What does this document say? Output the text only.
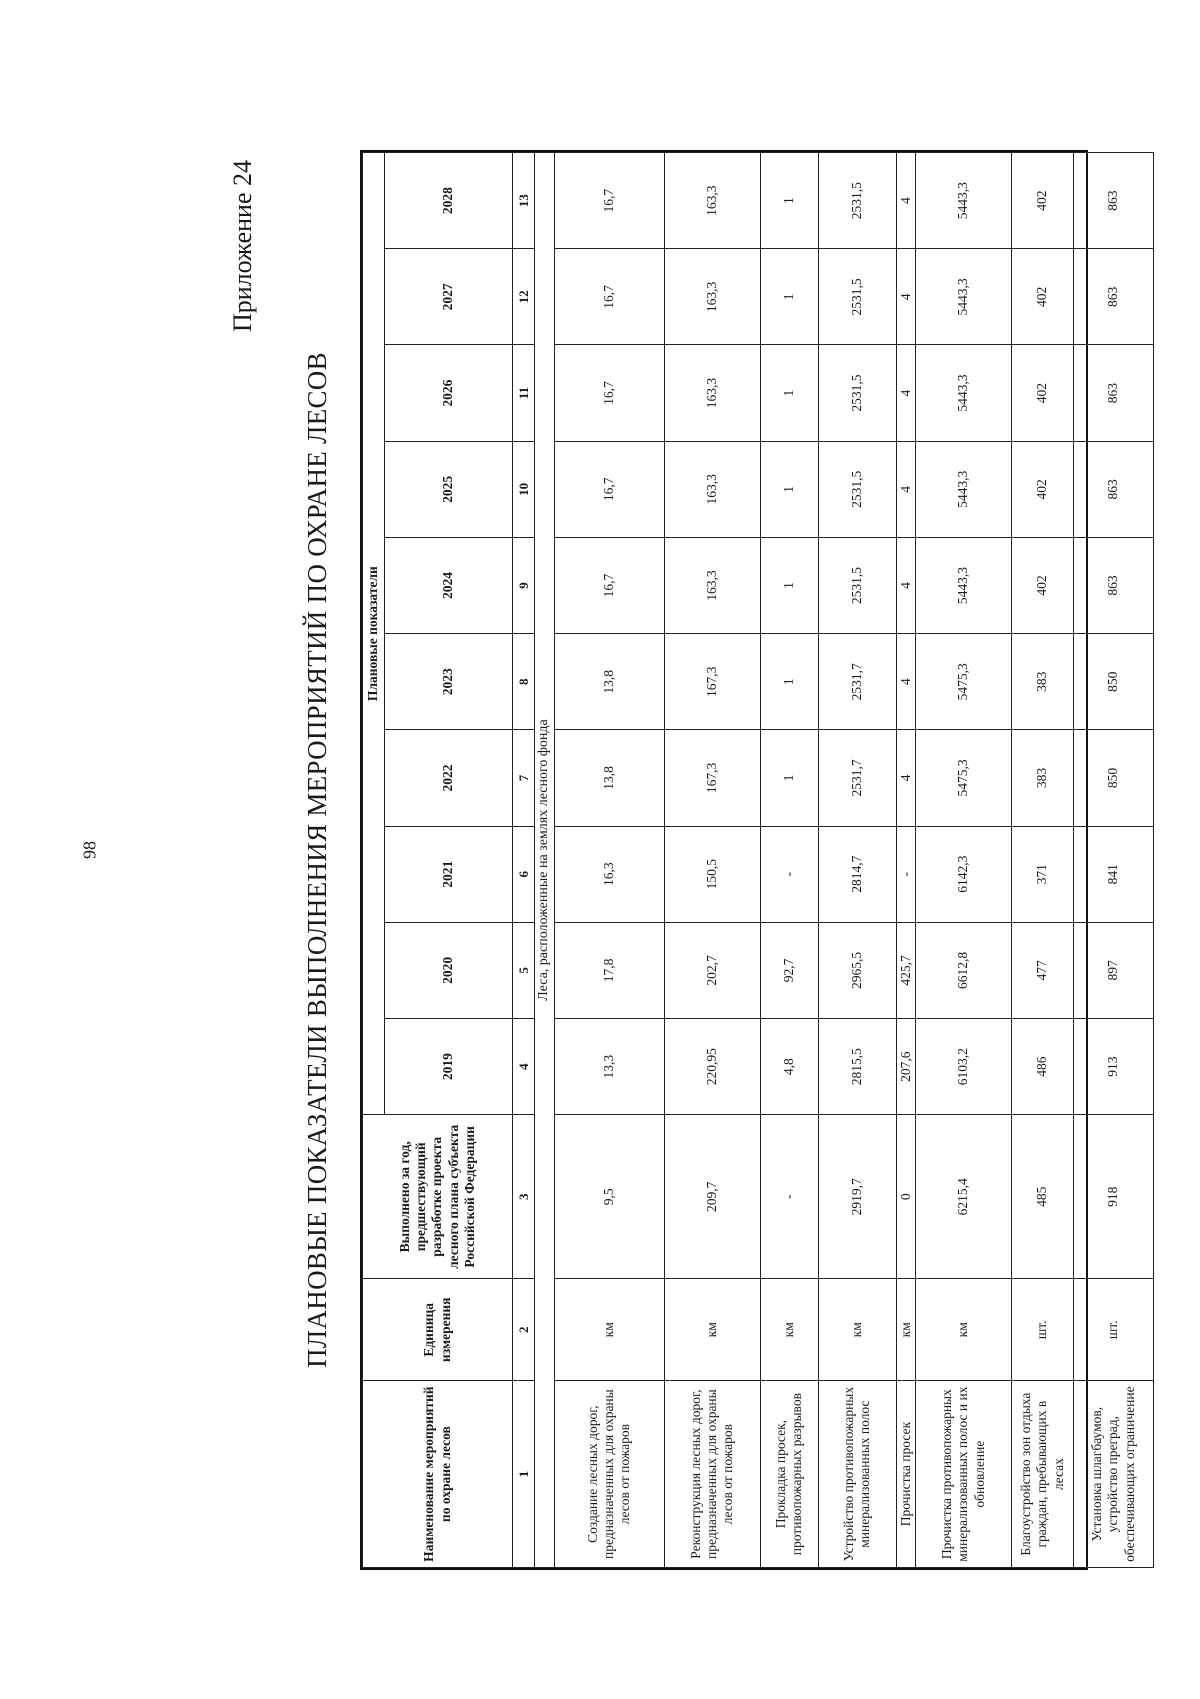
98
Приложение 24
ПЛАНОВЫЕ ПОКАЗАТЕЛИ ВЫПОЛНЕНИЯ МЕРОПРИЯТИЙ ПО ОХРАНЕ ЛЕСОВ
Наименование мероприятий по охране лесов	Единица измерения	Выполнено за год, предшествующий разработке проекта лесного плана субъекта Российской Федерации	Плановые показатели									
			2019	2020	2021	2022	2023	2024	2025	2026	2027	2028
1	2	3	4	5	6	7	8	9	10	11	12	13
Леса, расположенные на землях лесного фонда												
Создание лесных дорог, предназначенных для охраны лесов от пожаров	км	9,5	13,3	17,8	16,3	13,8	13,8	16,7	16,7	16,7	16,7	16,7
Реконструкция лесных дорог, предназначенных для охраны лесов от пожаров	км	209,7	220,95	202,7	150,5	167,3	167,3	163,3	163,3	163,3	163,3	163,3
Прокладка просек, противопожарных разрывов	км	-	4,8	92,7	-	1	1	1	1	1	1	1
Устройство противопожарных минерализованных полос	км	2919,7	2815,5	2965,5	2814,7	2531,7	2531,7	2531,5	2531,5	2531,5	2531,5	2531,5
Прочистка просек	км	0	207,6	425,7	-	4	4	4	4	4	4	4
Прочистка противопожарных минерализованных полос и их обновление	км	6215,4	6103,2	6612,8	6142,3	5475,3	5475,3	5443,3	5443,3	5443,3	5443,3	5443,3
Благоустройство зон отдыха граждан, пребывающих в лесах	шт.	485	486	477	371	383	383	402	402	402	402	402
Установка шлагбаумов, устройство преград, обеспечивающих ограничение	шт.	918	913	897	841	850	850	863	863	863	863	863
